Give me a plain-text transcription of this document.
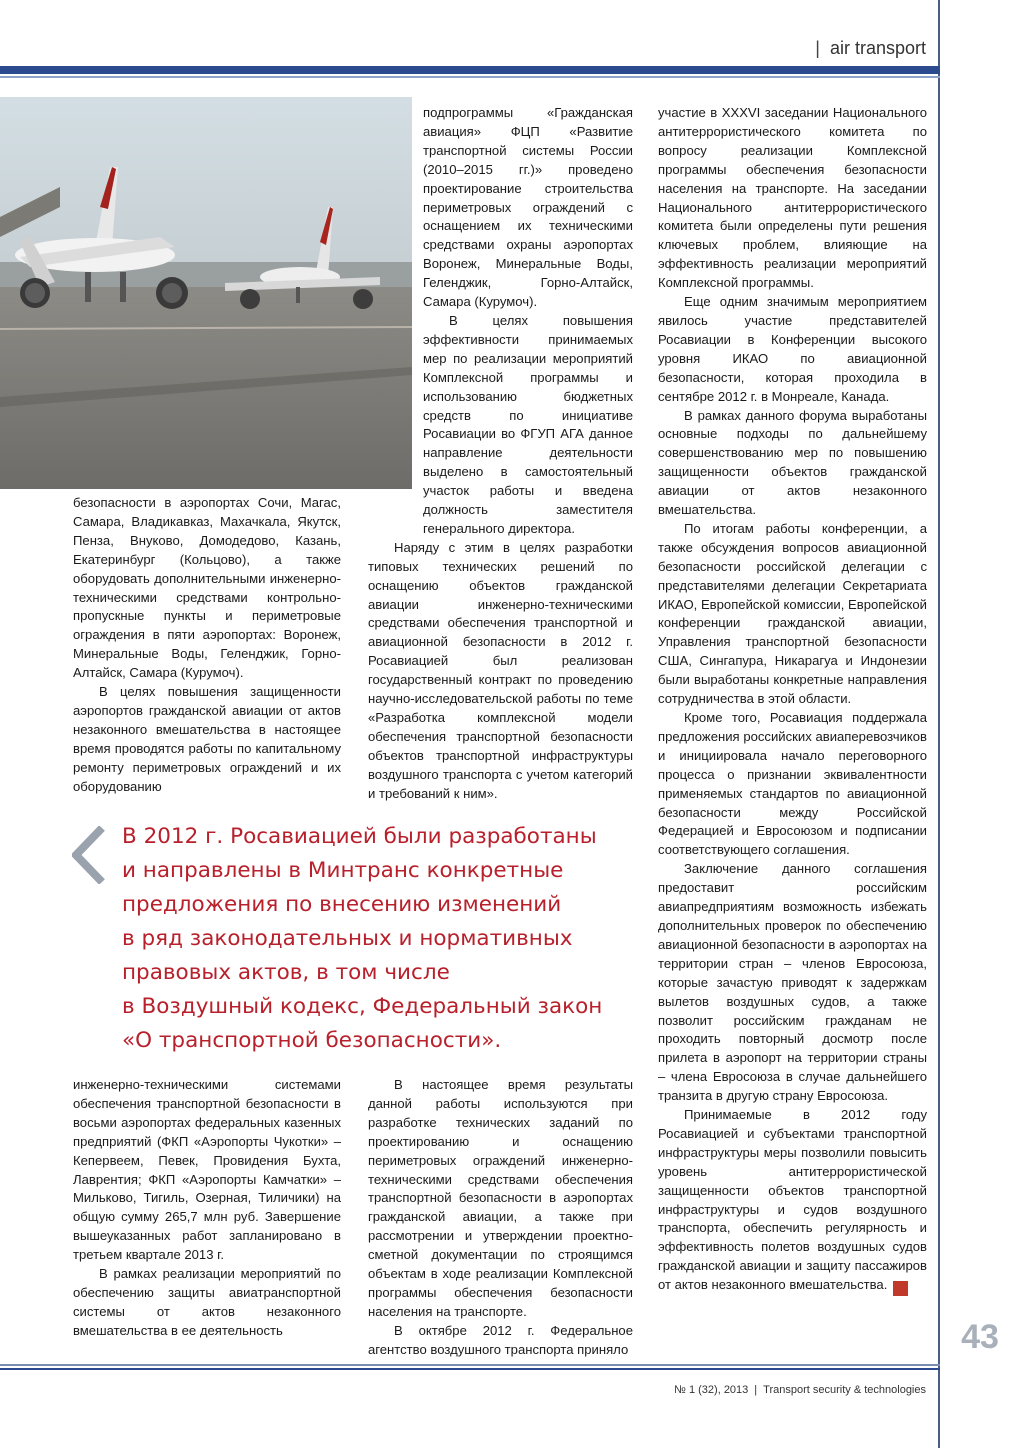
| air transport

безопасности в аэропортах Сочи, Магас, Самара, Владикавказ, Махачкала, Якутск, Пенза, Внуково, Домодедово, Казань, Екатеринбург (Кольцово), а также оборудовать дополнительными инженерно-техническими средствами контрольно-пропускные пункты и периметровые ограждения в пяти аэропортах: Воронеж, Минеральные Воды, Геленджик, Горно-Алтайск, Самара (Курумоч).

В целях повышения защищенности аэропортов гражданской авиации от актов незаконного вмешательства в настоящее время проводятся работы по капитальному ремонту периметровых ограждений и их оборудованию

подпрограммы «Гражданская авиация» ФЦП «Развитие транспортной системы России (2010–2015 гг.)» проведено проектирование строительства периметровых ограждений с оснащением их техническими средствами охраны аэропортах Воронеж, Минеральные Воды, Геленджик, Горно-Алтайск, Самара (Курумоч).

В целях повышения эффективности принимаемых мер по реализации мероприятий Комплексной программы и использованию бюджетных средств по инициативе Росавиации во ФГУП АГА данное направление деятельности выделено в самостоятельный участок работы и введена должность заместителя генерального директора.

Наряду с этим в целях разработки типовых технических решений по оснащению объектов гражданской авиации инженерно-техническими средствами обеспечения транспортной и авиационной безопасности в 2012 г. Росавиацией был реализован государственный контракт по проведению научно-исследовательской работы по теме «Разработка комплексной модели обеспечения транспортной безопасности объектов транспортной инфраструктуры воздушного транспорта с учетом категорий и требований к ним».

участие в XXXVI заседании Национального антитеррористического комитета по вопросу реализации Комплексной программы обеспечения безопасности населения на транспорте. На заседании Национального антитеррористического комитета были определены пути решения ключевых проблем, влияющие на эффективность реализации мероприятий Комплексной программы.

Еще одним значимым мероприятием явилось участие представителей Росавиации в Конференции высокого уровня ИКАО по авиационной безопасности, которая проходила в сентябре 2012 г. в Монреале, Канада.

В рамках данного форума выработаны основные подходы по дальнейшему совершенствованию мер по повышению защищенности объектов гражданской авиации от актов незаконного вмешательства.

По итогам работы конференции, а также обсуждения вопросов авиационной безопасности российской делегации с представителями делегации Секретариата ИКАО, Европейской комиссии, Европейской конференции гражданской авиации, Управления транспортной безопасности США, Сингапура, Никарагуа и Индонезии были выработаны конкретные направления сотрудничества в этой области.

Кроме того, Росавиация поддержала предложения российских авиаперевозчиков и инициировала начало переговорного процесса о признании эквивалентности применяемых стандартов по авиационной безопасности между Российской Федерацией и Евросоюзом и подписании соответствующего соглашения.

Заключение данного соглашения предоставит российским авиапредприятиям возможность избежать дополнительных проверок по обеспечению авиационной безопасности в аэропортах на территории стран – членов Евросоюза, которые зачастую приводят к задержкам вылетов воздушных судов, а также позволит российским гражданам не проходить повторный досмотр после прилета в аэропорт на территории страны – члена Евросоюза в случае дальнейшего транзита в другую страну Евросоюза.

Принимаемые в 2012 году Росавиацией и субъектами транспортной инфраструктуры меры позволили повысить уровень антитеррористической защищенности объектов транспортной инфраструктуры и судов воздушного транспорта, обеспечить регулярность и эффективность полетов воздушных судов гражданской авиации и защиту пассажиров от актов незаконного вмешательства.	T&T

В 2012 г. Росавиацией были разработаны
и направлены в Минтранс конкретные
предложения по внесению изменений
в ряд законодательных и нормативных
правовых актов, в том числе
в Воздушный кодекс, Федеральный закон
«О транспортной безопасности».

инженерно-техническими системами обеспечения транспортной безопасности в восьми аэропортах федеральных казенных предприятий (ФКП «Аэропорты Чукотки» – Кепервеем, Певек, Провидения Бухта, Лаврентия; ФКП «Аэропорты Камчатки» – Мильково, Тигиль, Озерная, Тиличики) на общую сумму 265,7 млн руб. Завершение вышеуказанных работ запланировано в третьем квартале 2013 г.

В рамках реализации мероприятий по обеспечению защиты авиатранспортной системы от актов незаконного вмешательства в ее деятельность

В настоящее время результаты данной работы используются при разработке технических заданий по проектированию и оснащению периметровых ограждений инженерно-техническими средствами обеспечения транспортной безопасности в аэропортах гражданской авиации, а также при рассмотрении и утверждении проектно-сметной документации по строящимся объектам в ходе реализации Комплексной программы обеспечения безопасности населения на транспорте.

В октябре 2012 г. Федеральное агентство воздушного транспорта приняло	43
№ 1 (32), 2013 | Transport security & technologies
